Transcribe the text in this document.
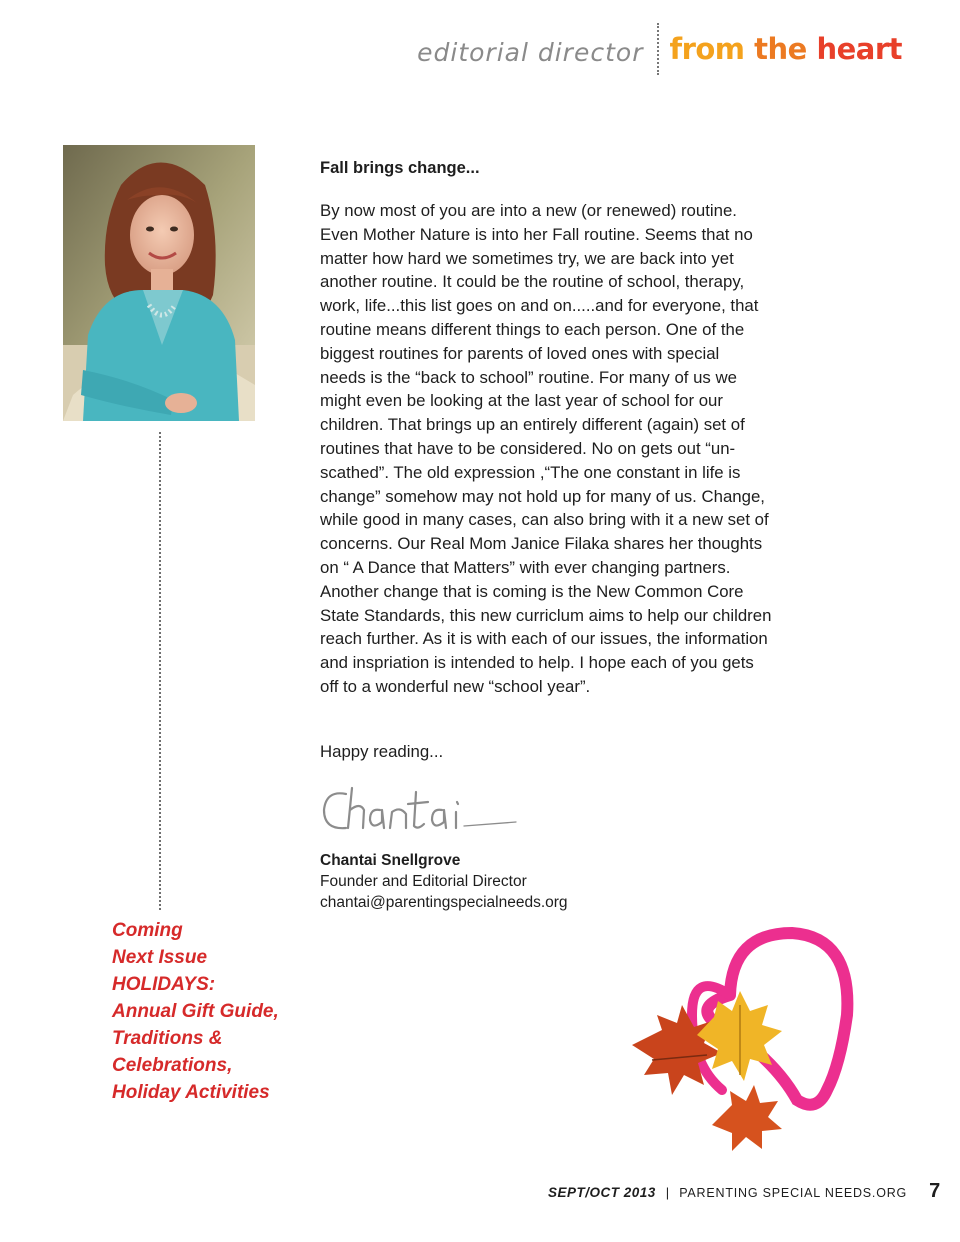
editorial director from the heart
Coming
Next Issue
HOLIDAYS:
Annual Gift Guide,
Traditions &
Celebrations,
Holiday Activities
Fall brings change...
By now most of you are into a new (or renewed) routine.
Even Mother Nature is into her Fall routine. Seems that no
matter how hard we sometimes try, we are back into yet
another routine. It could be the routine of school, therapy,
work, life...this list goes on and on.....and for everyone, that
routine means different things to each person. One of the
biggest routines for parents of loved ones with special
needs is the “back to school” routine. For many of us we
might even be looking at the last year of school for our
children. That brings up an entirely different (again) set of
routines that have to be considered. No on gets out “un-
scathed”. The old expression ,“The one constant in life is
change” somehow may not hold up for many of us. Change,
while good in many cases, can also bring with it a new set of
concerns. Our Real Mom Janice Filaka shares her thoughts
on “ A Dance that Matters” with ever changing partners.
Another change that is coming is the New Common Core
State Standards, this new curriclum aims to help our children
reach further. As it is with each of our issues, the information
and inspriation is intended to help. I hope each of you gets
off to a wonderful new “school year”.
Happy reading...
Chantai Snellgrove
Founder and Editorial Director
chantai@parentingspecialneeds.org
SEPT/OCT 2013 | PARENTING SPECIAL NEEDS.ORG 7
